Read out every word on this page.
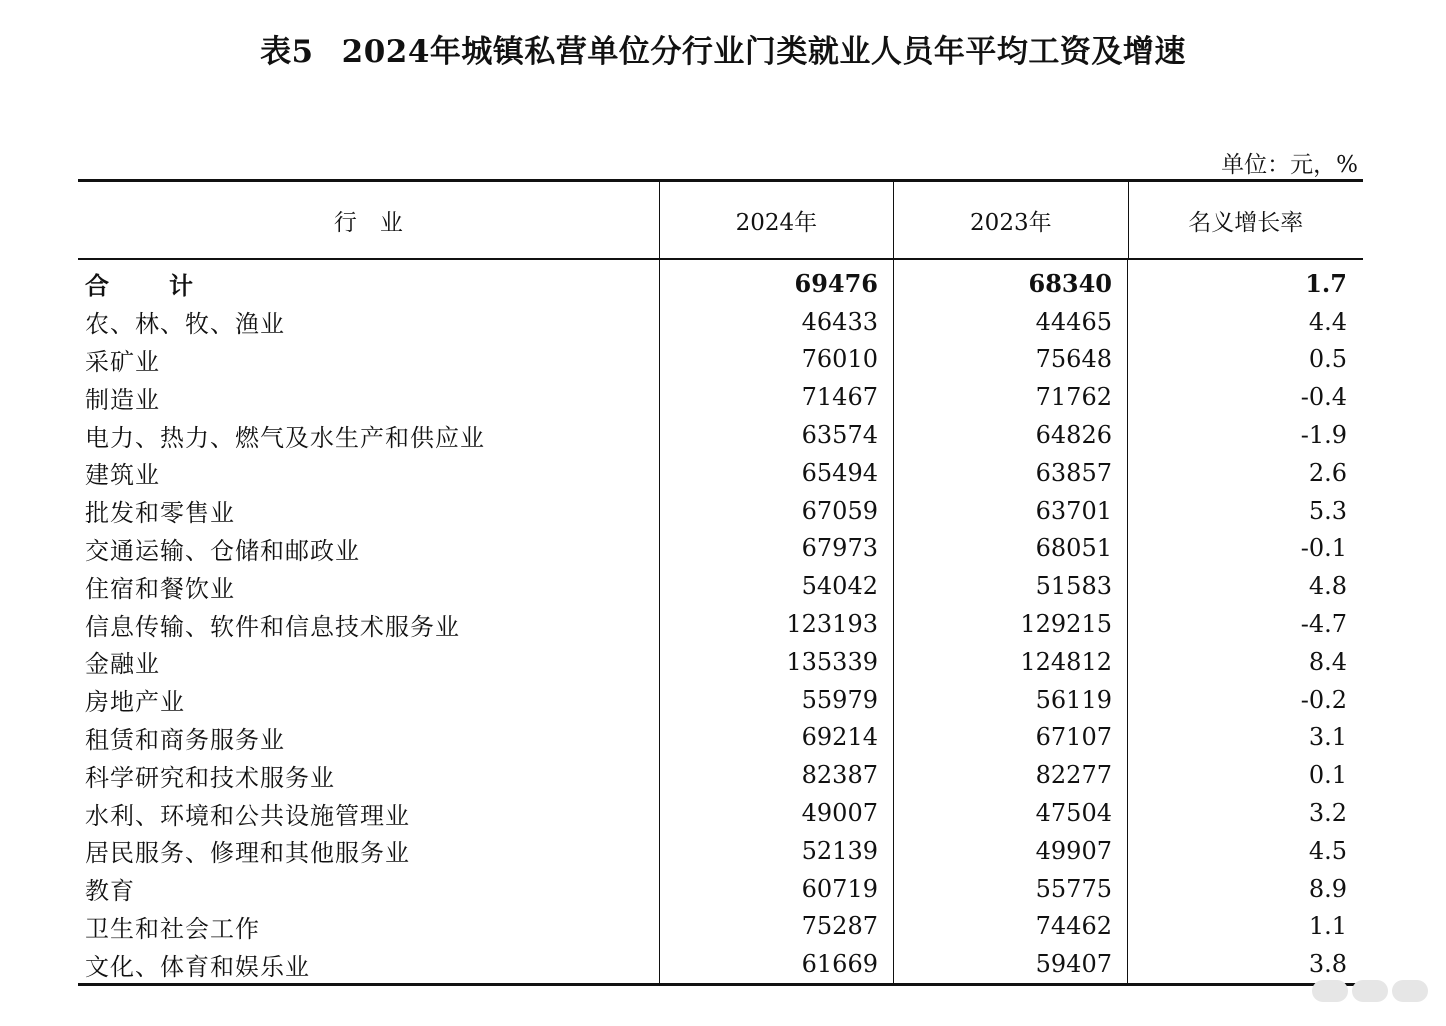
表5 2024年城镇私营单位分行业门类就业人员年平均工资及增速
单位：元，%
行　业	2024年	2023年	名义增长率
合　计	69476	68340	1.7
农、林、牧、渔业	46433	44465	4.4
采矿业	76010	75648	0.5
制造业	71467	71762	-0.4
电力、热力、燃气及水生产和供应业	63574	64826	-1.9
建筑业	65494	63857	2.6
批发和零售业	67059	63701	5.3
交通运输、仓储和邮政业	67973	68051	-0.1
住宿和餐饮业	54042	51583	4.8
信息传输、软件和信息技术服务业	123193	129215	-4.7
金融业	135339	124812	8.4
房地产业	55979	56119	-0.2
租赁和商务服务业	69214	67107	3.1
科学研究和技术服务业	82387	82277	0.1
水利、环境和公共设施管理业	49007	47504	3.2
居民服务、修理和其他服务业	52139	49907	4.5
教育	60719	55775	8.9
卫生和社会工作	75287	74462	1.1
文化、体育和娱乐业	61669	59407	3.8
